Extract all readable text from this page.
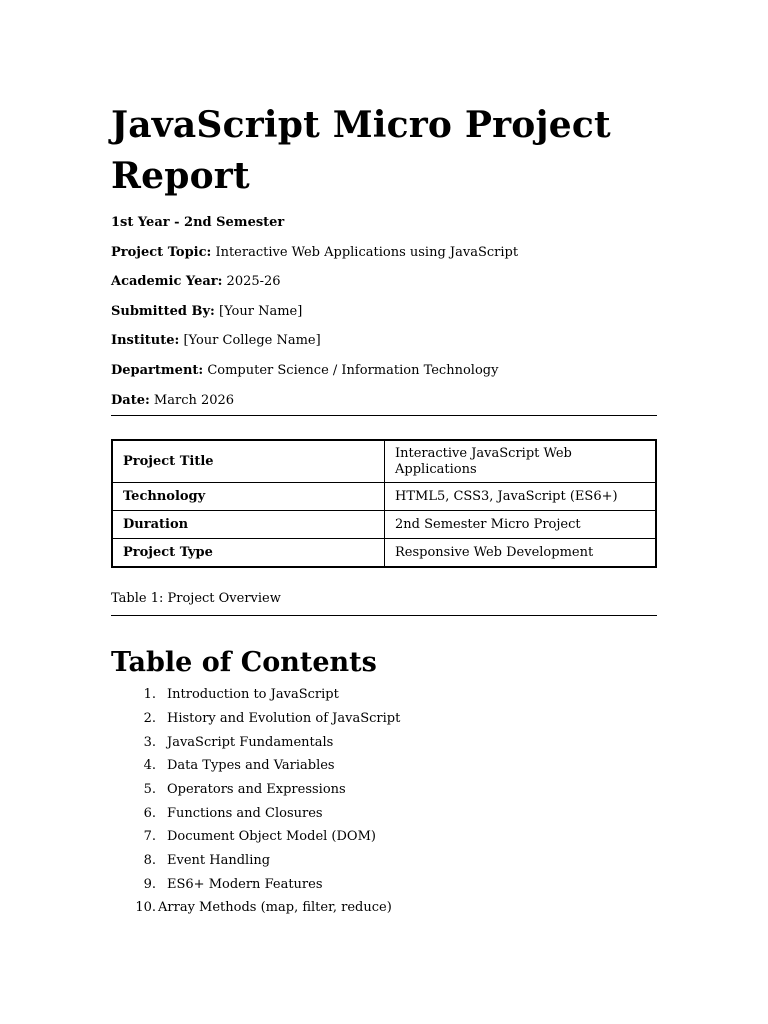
JavaScript Micro Project Report

1st Year - 2nd Semester

Project Topic: Interactive Web Applications using JavaScript

Academic Year: 2025-26

Submitted By: [Your Name]

Institute: [Your College Name]

Department: Computer Science / Information Technology

Date: March 2026

Project Title	Interactive JavaScript Web Applications
Technology	HTML5, CSS3, JavaScript (ES6+)
Duration	2nd Semester Micro Project
Project Type	Responsive Web Development
Table 1: Project Overview
Table of Contents
1. Introduction to JavaScript
2. History and Evolution of JavaScript
3. JavaScript Fundamentals
4. Data Types and Variables
5. Operators and Expressions
6. Functions and Closures
7. Document Object Model (DOM)
8. Event Handling
9. ES6+ Modern Features
10. Array Methods (map, filter, reduce)
